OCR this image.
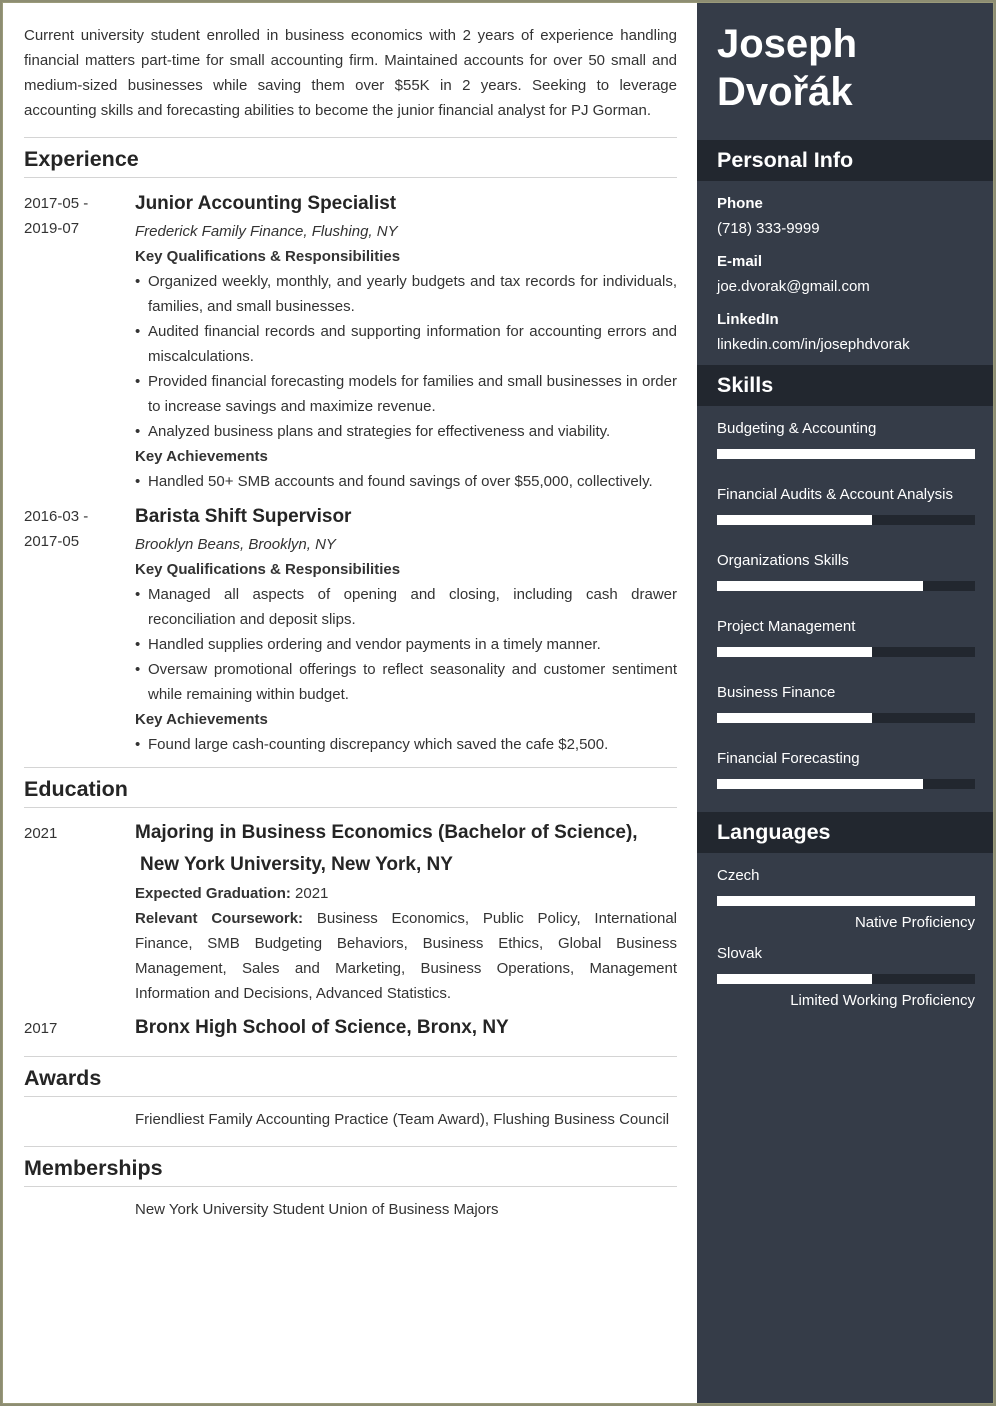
Current university student enrolled in business economics with 2 years of experience handling financial matters part-time for small accounting firm. Maintained accounts for over 50 small and medium-sized businesses while saving them over $55K in 2 years. Seeking to leverage accounting skills and forecasting abilities to become the junior financial analyst for PJ Gorman.

Experience
2017-05 -
2019-07
Junior Accounting Specialist
Frederick Family Finance, Flushing, NY
Key Qualifications & Responsibilities
• Organized weekly, monthly, and yearly budgets and tax records for individuals, families, and small businesses.
• Audited financial records and supporting information for accounting errors and miscalculations.
• Provided financial forecasting models for families and small businesses in order to increase savings and maximize revenue.
• Analyzed business plans and strategies for effectiveness and viability.
Key Achievements
• Handled 50+ SMB accounts and found savings of over $55,000, collectively.
2016-03 -
2017-05
Barista Shift Supervisor
Brooklyn Beans, Brooklyn, NY
Key Qualifications & Responsibilities
• Managed all aspects of opening and closing, including cash drawer reconciliation and deposit slips.
• Handled supplies ordering and vendor payments in a timely manner.
• Oversaw promotional offerings to reflect seasonality and customer sentiment while remaining within budget.
Key Achievements
• Found large cash-counting discrepancy which saved the cafe $2,500.
Education
2021	Majoring in Business Economics (Bachelor of Science),
New York University, New York, NY
Expected Graduation: 2021
Relevant Coursework: Business Economics, Public Policy, International Finance, SMB Budgeting Behaviors, Business Ethics, Global Business Management, Sales and Marketing, Business Operations, Management Information and Decisions, Advanced Statistics.
2017	Bronx High School of Science, Bronx, NY
Awards
Friendliest Family Accounting Practice (Team Award), Flushing Business Council
Memberships
New York University Student Union of Business Majors
Joseph
Dvořák
Personal Info
Phone
(718) 333-9999
E-mail
joe.dvorak@gmail.com
LinkedIn
linkedin.com/in/josephdvorak
Skills
Budgeting & Accounting
Financial Audits & Account Analysis
Organizations Skills
Project Management
Business Finance
Financial Forecasting
Languages
Czech
Native Proficiency
Slovak
Limited Working Proficiency
